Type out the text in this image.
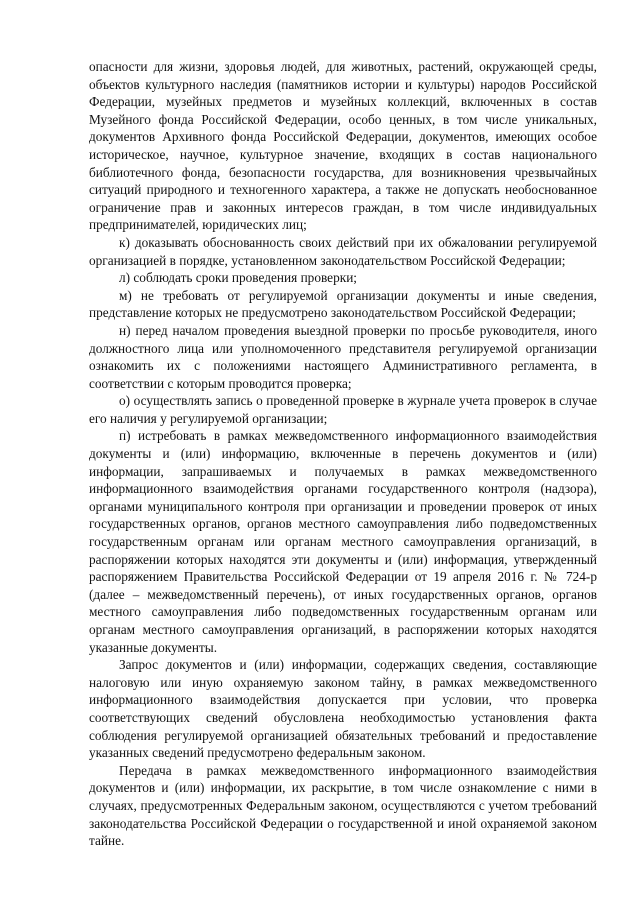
опасности для жизни, здоровья людей, для животных, растений, окружающей среды, объектов культурного наследия (памятников истории и культуры) народов Российской Федерации, музейных предметов и музейных коллекций, включенных в состав Музейного фонда Российской Федерации, особо ценных, в том числе уникальных, документов Архивного фонда Российской Федерации, документов, имеющих особое историческое, научное, культурное значение, входящих в состав национального библиотечного фонда, безопасности государства, для возникновения чрезвычайных ситуаций природного и техногенного характера, а также не допускать необоснованное ограничение прав и законных интересов граждан, в том числе индивидуальных предпринимателей, юридических лиц;

к) доказывать обоснованность своих действий при их обжаловании регулируемой организацией в порядке, установленном законодательством Российской Федерации;

л) соблюдать сроки проведения проверки;

м) не требовать от регулируемой организации документы и иные сведения, представление которых не предусмотрено законодательством Российской Федерации;

н) перед началом проведения выездной проверки по просьбе руководителя, иного должностного лица или уполномоченного представителя регулируемой организации ознакомить их с положениями настоящего Административного регламента, в соответствии с которым проводится проверка;

о) осуществлять запись о проведенной проверке в журнале учета проверок в случае его наличия у регулируемой организации;

п) истребовать в рамках межведомственного информационного взаимодействия документы и (или) информацию, включенные в перечень документов и (или) информации, запрашиваемых и получаемых в рамках межведомственного информационного взаимодействия органами государственного контроля (надзора), органами муниципального контроля при организации и проведении проверок от иных государственных органов, органов местного самоуправления либо подведомственных государственным органам или органам местного самоуправления организаций, в распоряжении которых находятся эти документы и (или) информация, утвержденный распоряжением Правительства Российской Федерации от 19 апреля 2016 г. № 724-р (далее – межведомственный перечень), от иных государственных органов, органов местного самоуправления либо подведомственных государственным органам или органам местного самоуправления организаций, в распоряжении которых находятся указанные документы.

Запрос документов и (или) информации, содержащих сведения, составляющие налоговую или иную охраняемую законом тайну, в рамках межведомственного информационного взаимодействия допускается при условии, что проверка соответствующих сведений обусловлена необходимостью установления факта соблюдения регулируемой организацией обязательных требований и предоставление указанных сведений предусмотрено федеральным законом.

Передача в рамках межведомственного информационного взаимодействия документов и (или) информации, их раскрытие, в том числе ознакомление с ними в случаях, предусмотренных Федеральным законом, осуществляются с учетом требований законодательства Российской Федерации о государственной и иной охраняемой законом тайне.
